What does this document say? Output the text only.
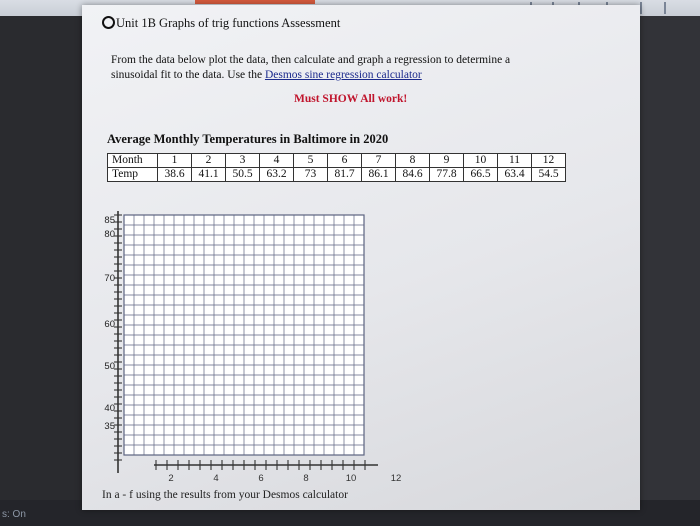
s: On
Unit 1B Graphs of trig functions Assessment
From the data below plot the data, then calculate and graph a regression to determine a
sinusoidal fit to the data. Use the Desmos sine regression calculator
Must SHOW All work!
Average Monthly Temperatures in Baltimore in 2020
Month	1	2	3	4	5	6	7	8	9	10	11	12
Temp	38.6	41.1	50.5	63.2	73	81.7	86.1	84.6	77.8	66.5	63.4	54.5
85
80
70
60
50
40
35
2	4	6	8	10	12
In a - f using the results from your Desmos calculator
